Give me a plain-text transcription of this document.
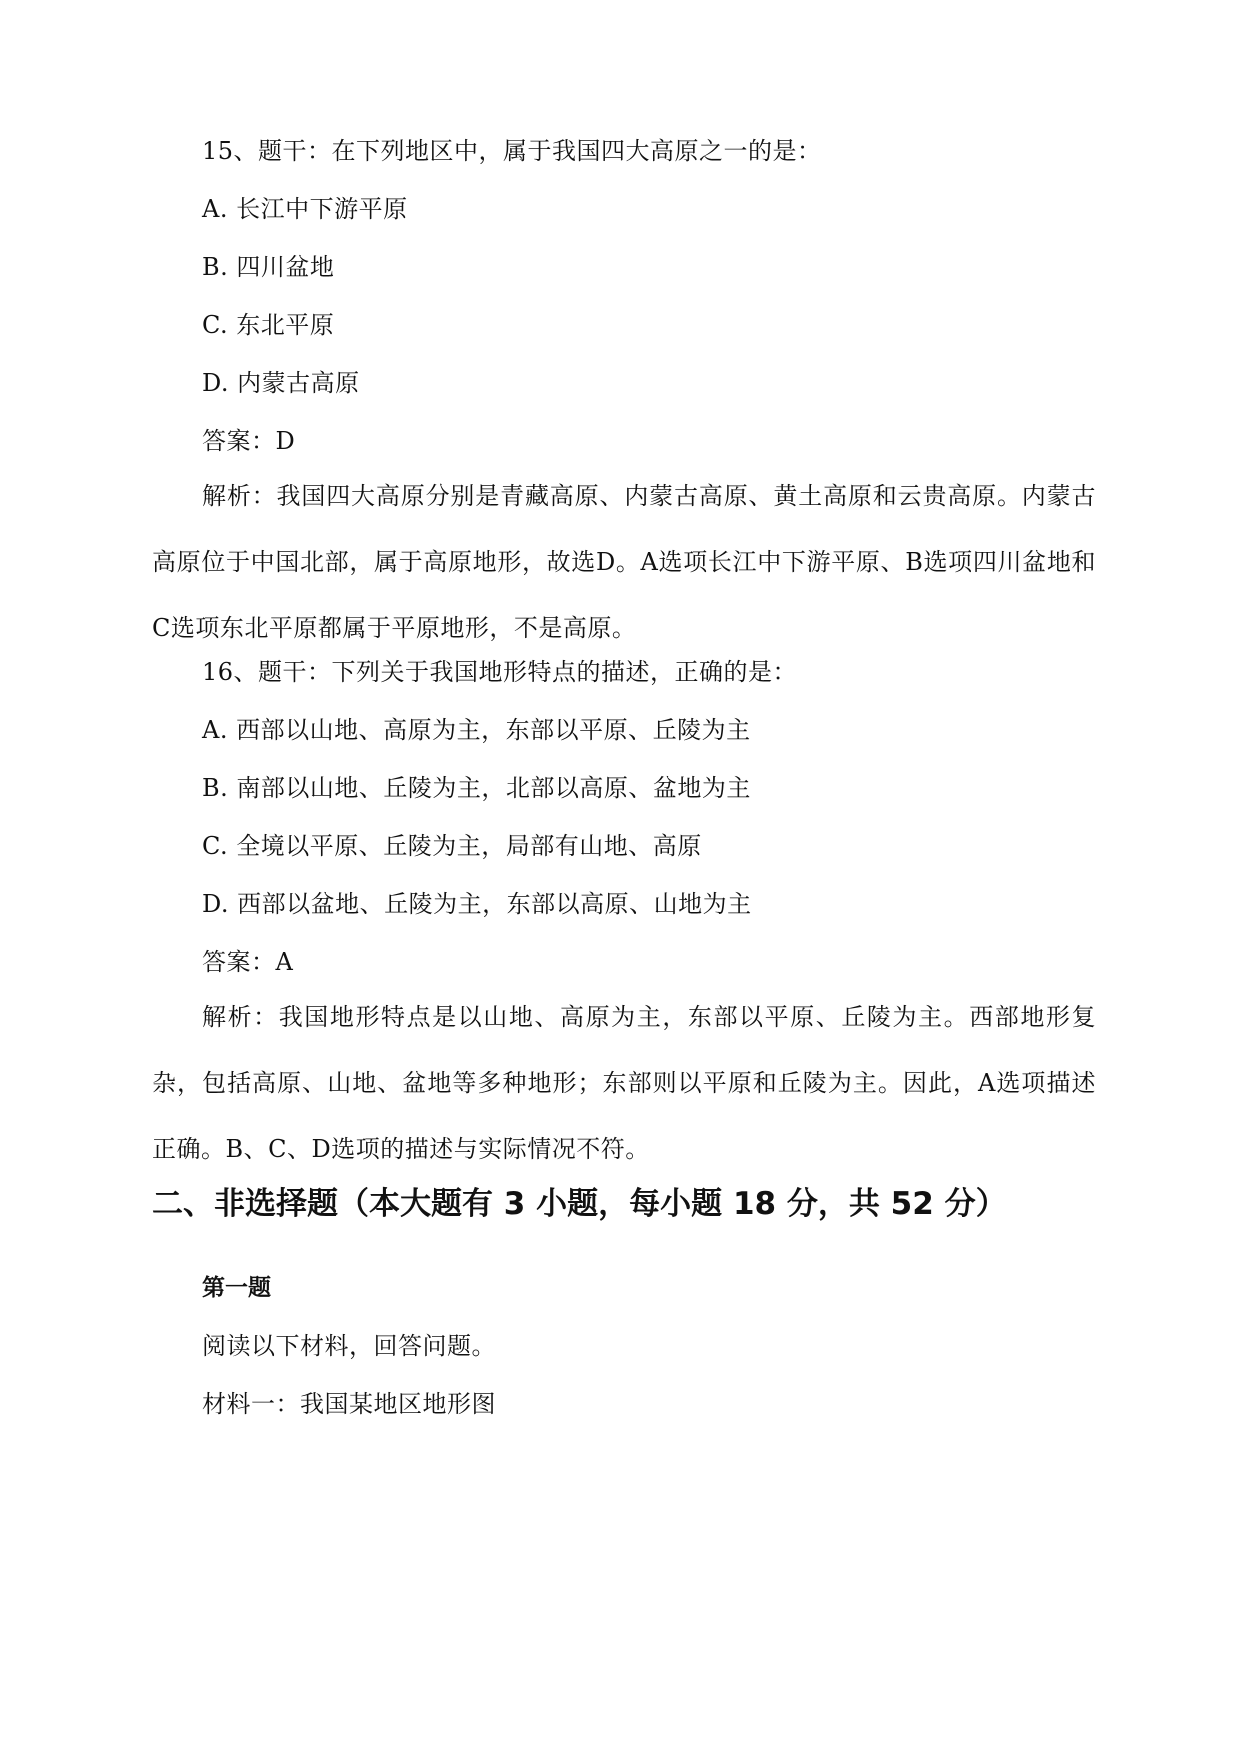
15、题干：在下列地区中，属于我国四大高原之一的是：
A. 长江中下游平原
B. 四川盆地
C. 东北平原
D. 内蒙古高原
答案：D
解析：我国四大高原分别是青藏高原、内蒙古高原、黄土高原和云贵高原。内蒙古高原位于中国北部，属于高原地形，故选D。A选项长江中下游平原、B选项四川盆地和C选项东北平原都属于平原地形，不是高原。
16、题干：下列关于我国地形特点的描述，正确的是：
A. 西部以山地、高原为主，东部以平原、丘陵为主
B. 南部以山地、丘陵为主，北部以高原、盆地为主
C. 全境以平原、丘陵为主，局部有山地、高原
D. 西部以盆地、丘陵为主，东部以高原、山地为主
答案：A
解析：我国地形特点是以山地、高原为主，东部以平原、丘陵为主。西部地形复杂，包括高原、山地、盆地等多种地形；东部则以平原和丘陵为主。因此，A选项描述正确。B、C、D选项的描述与实际情况不符。
二、非选择题（本大题有 3 小题，每小题 18 分，共 52 分）
第一题
阅读以下材料，回答问题。
材料一：我国某地区地形图
